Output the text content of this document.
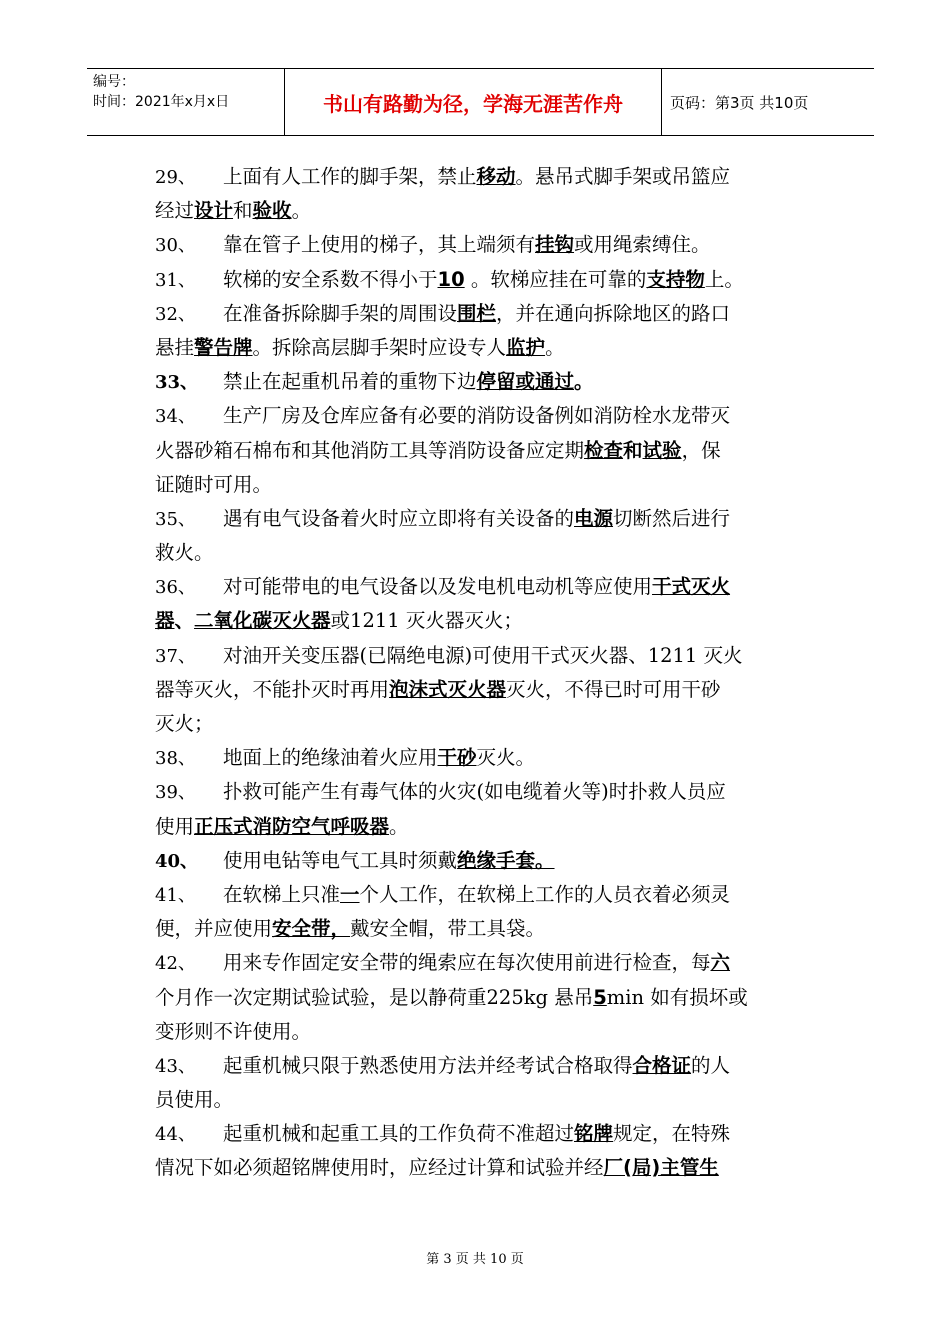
编号：
时间：2021年x月x日	书山有路勤为径，学海无涯苦作舟	页码：第3页 共10页
29、 上面有人工作的脚手架，禁止移动。悬吊式脚手架或吊篮应
经过设计和验收。
30、 靠在管子上使用的梯子，其上端须有挂钩或用绳索缚住。
31、 软梯的安全系数不得小于10 。软梯应挂在可靠的支持物上。
32、 在准备拆除脚手架的周围设围栏，并在通向拆除地区的路口
悬挂警告牌。拆除高层脚手架时应设专人监护。
33、 禁止在起重机吊着的重物下边停留或通过。
34、 生产厂房及仓库应备有必要的消防设备例如消防栓水龙带灭
火器砂箱石棉布和其他消防工具等消防设备应定期检查和试验，保
证随时可用。
35、 遇有电气设备着火时应立即将有关设备的电源切断然后进行
救火。
36、 对可能带电的电气设备以及发电机电动机等应使用干式灭火
器、二氧化碳灭火器或1211 灭火器灭火；
37、 对油开关变压器(已隔绝电源)可使用干式灭火器、1211 灭火
器等灭火，不能扑灭时再用泡沫式灭火器灭火，不得已时可用干砂
灭火；
38、 地面上的绝缘油着火应用干砂灭火。
39、 扑救可能产生有毒气体的火灾(如电缆着火等)时扑救人员应
使用正压式消防空气呼吸器。
40、 使用电钻等电气工具时须戴绝缘手套。
41、 在软梯上只准一个人工作，在软梯上工作的人员衣着必须灵
便，并应使用安全带，戴安全帽，带工具袋。
42、 用来专作固定安全带的绳索应在每次使用前进行检查，每六
个月作一次定期试验试验，是以静荷重225kg 悬吊5min 如有损坏或
变形则不许使用。
43、 起重机械只限于熟悉使用方法并经考试合格取得合格证的人
员使用。
44、 起重机械和起重工具的工作负荷不准超过铭牌规定，在特殊
情况下如必须超铭牌使用时，应经过计算和试验并经厂(局)主管生
第 3 页 共 10 页
